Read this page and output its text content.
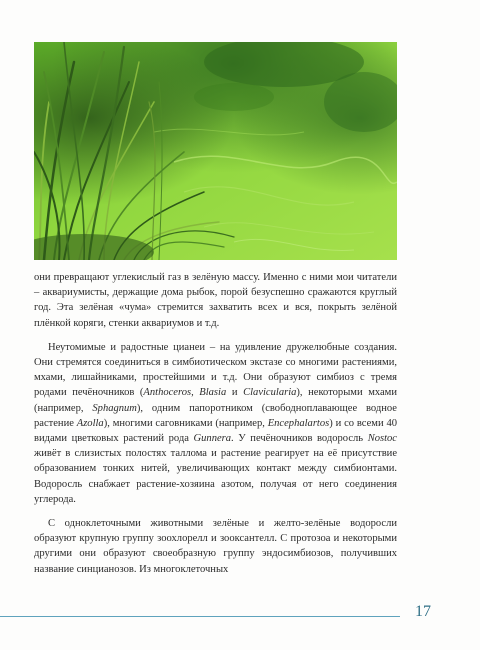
они превращают углекислый газ в зелёную массу. Именно с ними мои читатели – аквариумисты, держащие дома рыбок, порой безуспешно сражаются круглый год. Эта зелёная «чума» стремится захватить всех и вся, покрыть зелёной плёнкой коряги, стенки аквариумов и т.д.

Неутомимые и радостные цианеи – на удивление дружелюбные создания. Они стремятся соединиться в симбиотическом экстазе со многими растениями, мхами, лишайниками, простейшими и т.д. Они образуют симбиоз с тремя родами печёночников (Anthoceros, Blasia и Clavicularia), некоторыми мхами (например, Sphagnum), одним папоротником (свободноплавающее водное растение Azolla), многими саговниками (например, Encephalartos) и со всеми 40 видами цветковых растений рода Gunnera. У печёночников водоросль Nostoc живёт в слизистых полостях таллома и растение реагирует на её присутствие образованием тонких нитей, увеличивающих контакт между симбионтами. Водоросль снабжает растение-хозяина азотом, получая от него соединения углерода.

С одноклеточными животными зелёные и желто-зелёные водоросли образуют крупную группу зоохлорелл и зооксантелл. С протозоа и некоторыми другими они образуют своеобразную группу эндосимбиозов, получивших название синцианозов. Из многоклеточных

17
